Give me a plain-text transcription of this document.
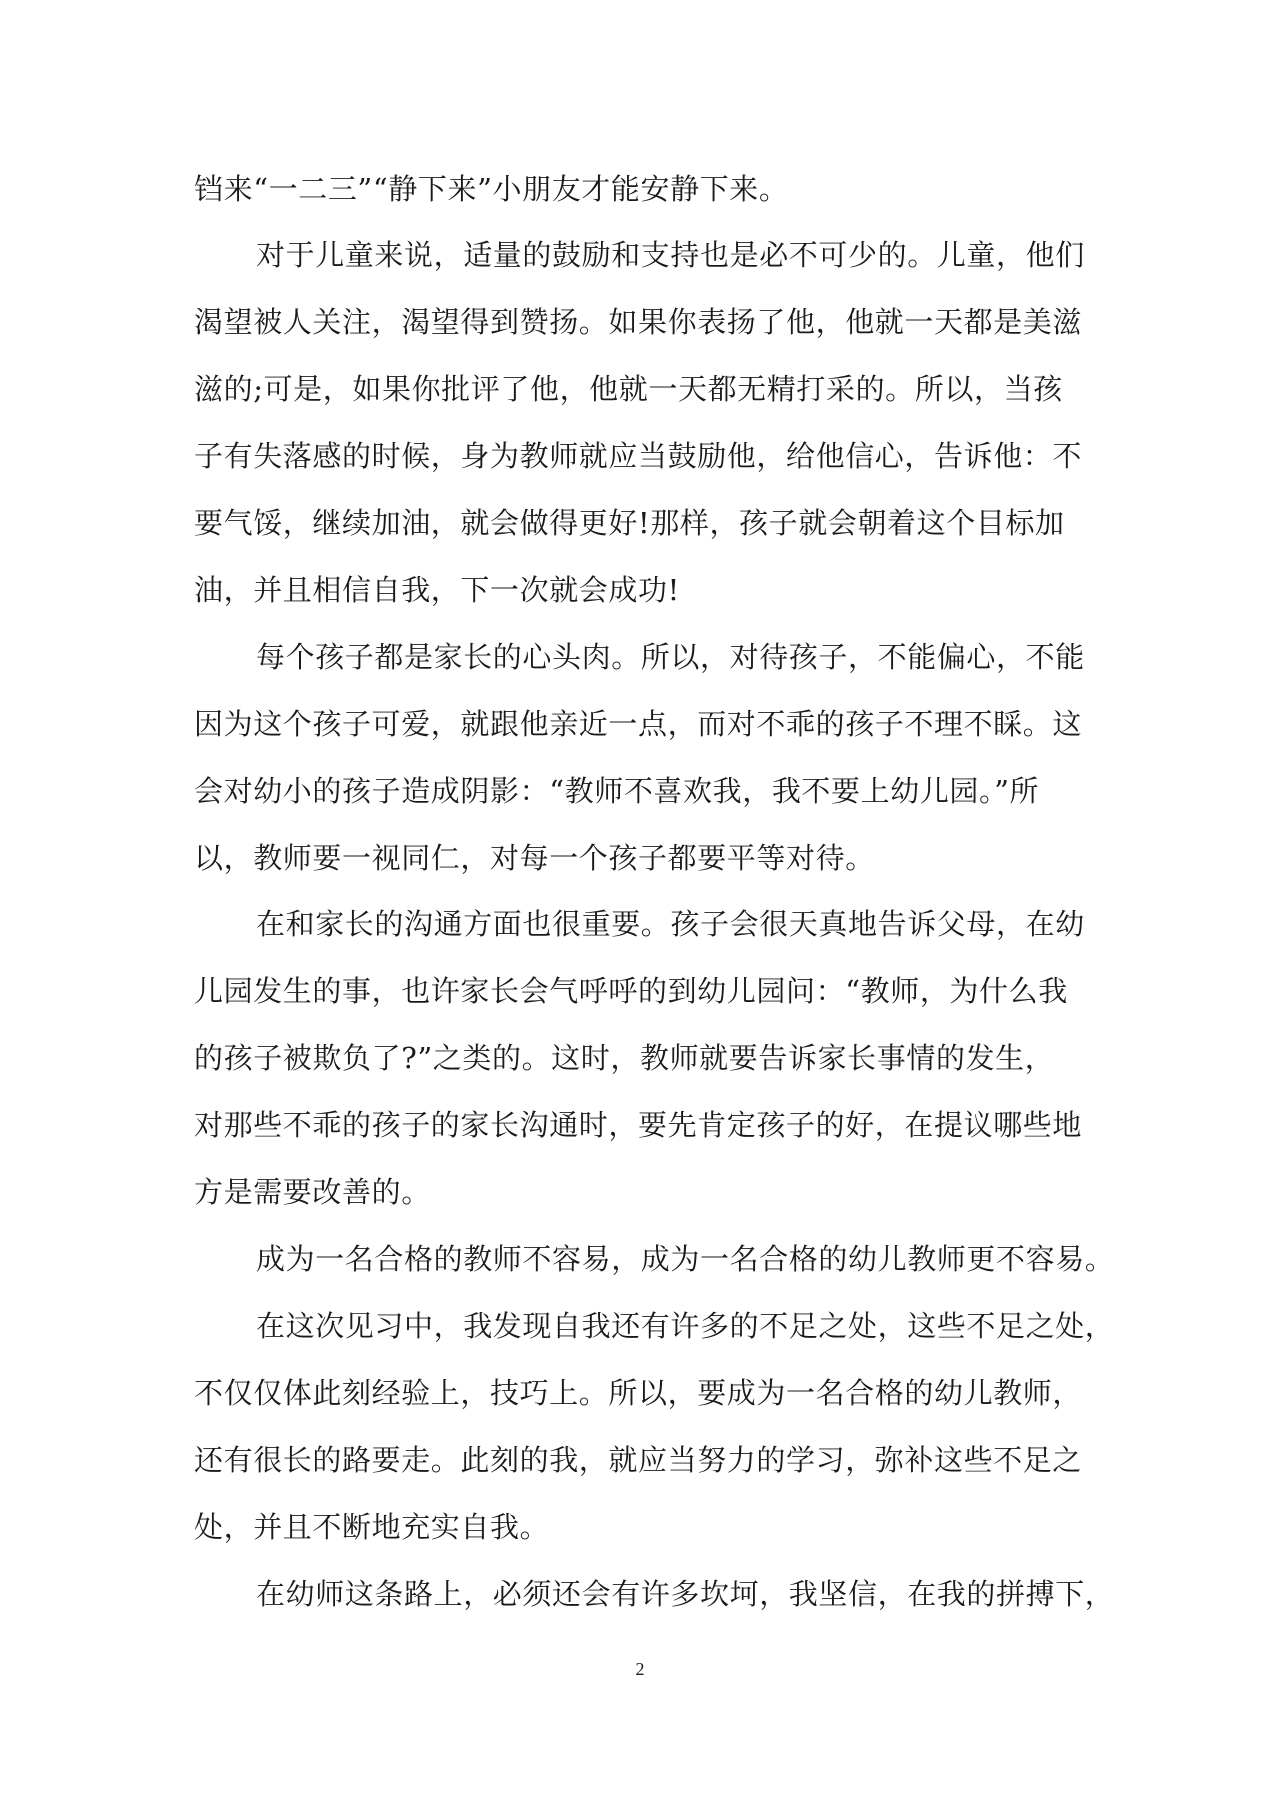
铛来“一二三”“静下来”小朋友才能安静下来。
对于儿童来说，适量的鼓励和支持也是必不可少的。儿童，他们
渴望被人关注，渴望得到赞扬。如果你表扬了他，他就一天都是美滋
滋的;可是，如果你批评了他，他就一天都无精打采的。所以，当孩
子有失落感的时候，身为教师就应当鼓励他，给他信心，告诉他：不
要气馁，继续加油，就会做得更好!那样，孩子就会朝着这个目标加
油，并且相信自我，下一次就会成功!
每个孩子都是家长的心头肉。所以，对待孩子，不能偏心，不能
因为这个孩子可爱，就跟他亲近一点，而对不乖的孩子不理不睬。这
会对幼小的孩子造成阴影：“教师不喜欢我，我不要上幼儿园。”所
以，教师要一视同仁，对每一个孩子都要平等对待。
在和家长的沟通方面也很重要。孩子会很天真地告诉父母，在幼
儿园发生的事，也许家长会气呼呼的到幼儿园问：“教师，为什么我
的孩子被欺负了?”之类的。这时，教师就要告诉家长事情的发生，
对那些不乖的孩子的家长沟通时，要先肯定孩子的好，在提议哪些地
方是需要改善的。
成为一名合格的教师不容易，成为一名合格的幼儿教师更不容易。
在这次见习中，我发现自我还有许多的不足之处，这些不足之处，
不仅仅体此刻经验上，技巧上。所以，要成为一名合格的幼儿教师，
还有很长的路要走。此刻的我，就应当努力的学习，弥补这些不足之
处，并且不断地充实自我。
在幼师这条路上，必须还会有许多坎坷，我坚信，在我的拼搏下，
2
